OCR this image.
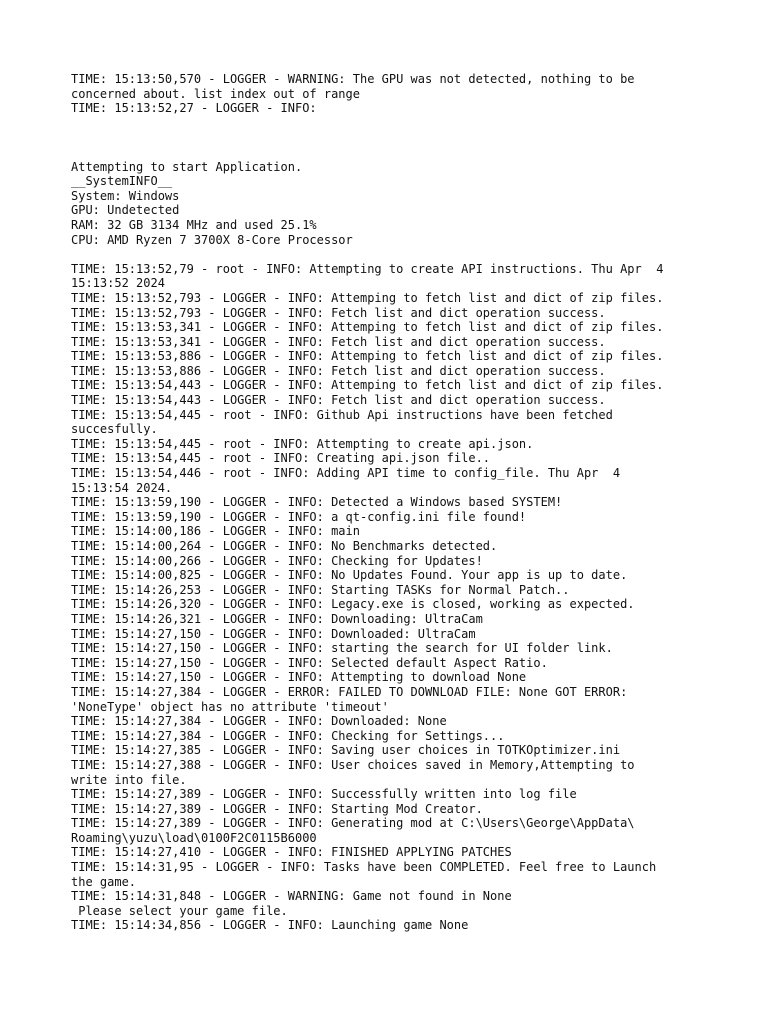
TIME: 15:13:50,570 - LOGGER - WARNING: The GPU was not detected, nothing to be
concerned about. list index out of range
TIME: 15:13:52,27 - LOGGER - INFO:
Attempting to start Application.
__SystemINFO__
System: Windows
GPU: Undetected
RAM: 32 GB 3134 MHz and used 25.1%
CPU: AMD Ryzen 7 3700X 8-Core Processor
TIME: 15:13:52,79 - root - INFO: Attempting to create API instructions. Thu Apr  4
15:13:52 2024
TIME: 15:13:52,793 - LOGGER - INFO: Attemping to fetch list and dict of zip files.
TIME: 15:13:52,793 - LOGGER - INFO: Fetch list and dict operation success.
TIME: 15:13:53,341 - LOGGER - INFO: Attemping to fetch list and dict of zip files.
TIME: 15:13:53,341 - LOGGER - INFO: Fetch list and dict operation success.
TIME: 15:13:53,886 - LOGGER - INFO: Attemping to fetch list and dict of zip files.
TIME: 15:13:53,886 - LOGGER - INFO: Fetch list and dict operation success.
TIME: 15:13:54,443 - LOGGER - INFO: Attemping to fetch list and dict of zip files.
TIME: 15:13:54,443 - LOGGER - INFO: Fetch list and dict operation success.
TIME: 15:13:54,445 - root - INFO: Github Api instructions have been fetched
succesfully.
TIME: 15:13:54,445 - root - INFO: Attempting to create api.json.
TIME: 15:13:54,445 - root - INFO: Creating api.json file..
TIME: 15:13:54,446 - root - INFO: Adding API time to config_file. Thu Apr  4
15:13:54 2024.
TIME: 15:13:59,190 - LOGGER - INFO: Detected a Windows based SYSTEM!
TIME: 15:13:59,190 - LOGGER - INFO: a qt-config.ini file found!
TIME: 15:14:00,186 - LOGGER - INFO: main
TIME: 15:14:00,264 - LOGGER - INFO: No Benchmarks detected.
TIME: 15:14:00,266 - LOGGER - INFO: Checking for Updates!
TIME: 15:14:00,825 - LOGGER - INFO: No Updates Found. Your app is up to date.
TIME: 15:14:26,253 - LOGGER - INFO: Starting TASKs for Normal Patch..
TIME: 15:14:26,320 - LOGGER - INFO: Legacy.exe is closed, working as expected.
TIME: 15:14:26,321 - LOGGER - INFO: Downloading: UltraCam
TIME: 15:14:27,150 - LOGGER - INFO: Downloaded: UltraCam
TIME: 15:14:27,150 - LOGGER - INFO: starting the search for UI folder link.
TIME: 15:14:27,150 - LOGGER - INFO: Selected default Aspect Ratio.
TIME: 15:14:27,150 - LOGGER - INFO: Attempting to download None
TIME: 15:14:27,384 - LOGGER - ERROR: FAILED TO DOWNLOAD FILE: None GOT ERROR:
'NoneType' object has no attribute 'timeout'
TIME: 15:14:27,384 - LOGGER - INFO: Downloaded: None
TIME: 15:14:27,384 - LOGGER - INFO: Checking for Settings...
TIME: 15:14:27,385 - LOGGER - INFO: Saving user choices in TOTKOptimizer.ini
TIME: 15:14:27,388 - LOGGER - INFO: User choices saved in Memory,Attempting to
write into file.
TIME: 15:14:27,389 - LOGGER - INFO: Successfully written into log file
TIME: 15:14:27,389 - LOGGER - INFO: Starting Mod Creator.
TIME: 15:14:27,389 - LOGGER - INFO: Generating mod at C:\Users\George\AppData\
Roaming\yuzu\load\0100F2C0115B6000
TIME: 15:14:27,410 - LOGGER - INFO: FINISHED APPLYING PATCHES
TIME: 15:14:31,95 - LOGGER - INFO: Tasks have been COMPLETED. Feel free to Launch
the game.
TIME: 15:14:31,848 - LOGGER - WARNING: Game not found in None
Please select your game file.
TIME: 15:14:34,856 - LOGGER - INFO: Launching game None
